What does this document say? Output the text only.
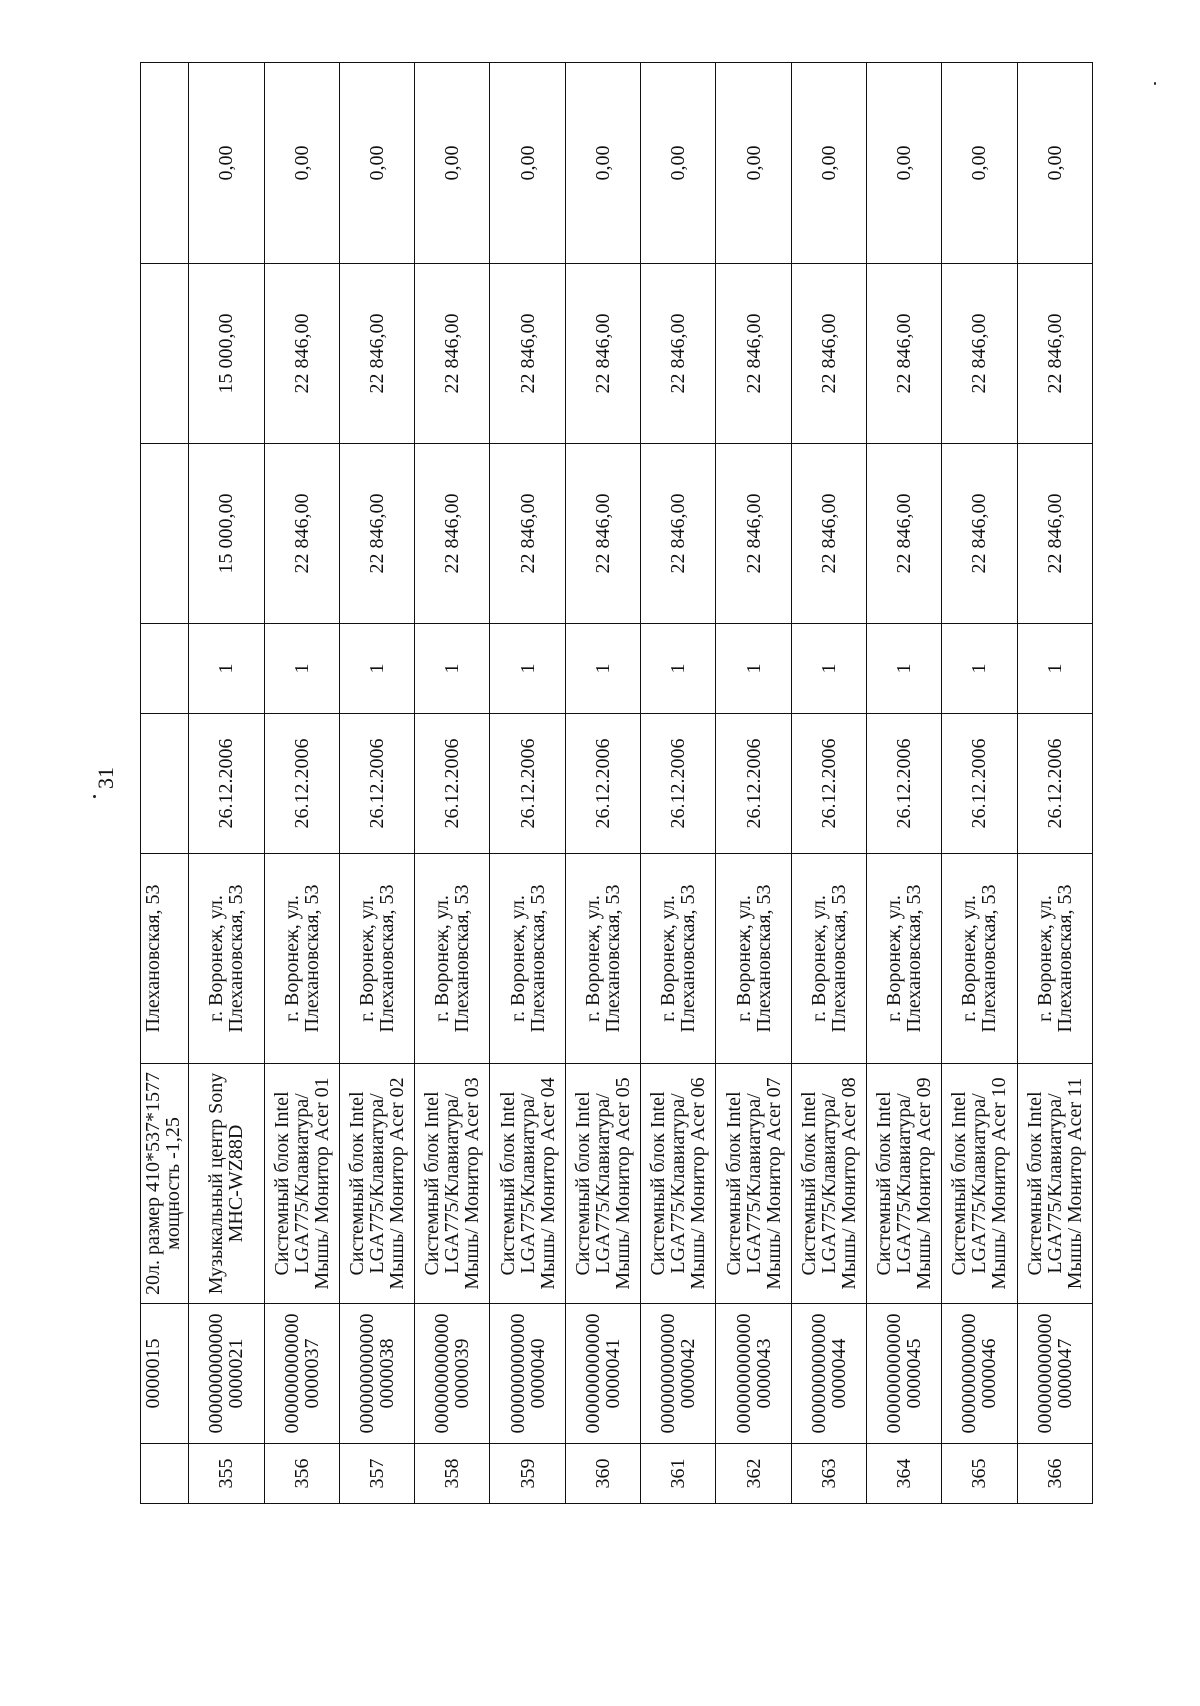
31
	0000015	20л. размер 410*537*1577 мощность -1,25	Плехановская, 53					
355	000000000000 0000021	Музыкальный центр Sony MHC-WZ88D	г. Воронеж, ул. Плехановская, 53	26.12.2006	1	15 000,00	15 000,00	0,00
356	000000000000 0000037	Системный блок Intel LGA775/Клавиатура/Мышь/ Монитор Acer 01	г. Воронеж, ул. Плехановская, 53	26.12.2006	1	22 846,00	22 846,00	0,00
357	000000000000 0000038	Системный блок Intel LGA775/Клавиатура/Мышь/ Монитор Acer 02	г. Воронеж, ул. Плехановская, 53	26.12.2006	1	22 846,00	22 846,00	0,00
358	000000000000 0000039	Системный блок Intel LGA775/Клавиатура/Мышь/ Монитор Acer 03	г. Воронеж, ул. Плехановская, 53	26.12.2006	1	22 846,00	22 846,00	0,00
359	000000000000 0000040	Системный блок Intel LGA775/Клавиатура/Мышь/ Монитор Acer 04	г. Воронеж, ул. Плехановская, 53	26.12.2006	1	22 846,00	22 846,00	0,00
360	000000000000 0000041	Системный блок Intel LGA775/Клавиатура/Мышь/ Монитор Acer 05	г. Воронеж, ул. Плехановская, 53	26.12.2006	1	22 846,00	22 846,00	0,00
361	000000000000 0000042	Системный блок Intel LGA775/Клавиатура/Мышь/ Монитор Acer 06	г. Воронеж, ул. Плехановская, 53	26.12.2006	1	22 846,00	22 846,00	0,00
362	000000000000 0000043	Системный блок Intel LGA775/Клавиатура/Мышь/ Монитор Acer 07	г. Воронеж, ул. Плехановская, 53	26.12.2006	1	22 846,00	22 846,00	0,00
363	000000000000 0000044	Системный блок Intel LGA775/Клавиатура/Мышь/ Монитор Acer 08	г. Воронеж, ул. Плехановская, 53	26.12.2006	1	22 846,00	22 846,00	0,00
364	000000000000 0000045	Системный блок Intel LGA775/Клавиатура/Мышь/ Монитор Acer 09	г. Воронеж, ул. Плехановская, 53	26.12.2006	1	22 846,00	22 846,00	0,00
365	000000000000 0000046	Системный блок Intel LGA775/Клавиатура/Мышь/ Монитор Acer 10	г. Воронеж, ул. Плехановская, 53	26.12.2006	1	22 846,00	22 846,00	0,00
366	000000000000 0000047	Системный блок Intel LGA775/Клавиатура/Мышь/ Монитор Acer 11	г. Воронеж, ул. Плехановская, 53	26.12.2006	1	22 846,00	22 846,00	0,00
